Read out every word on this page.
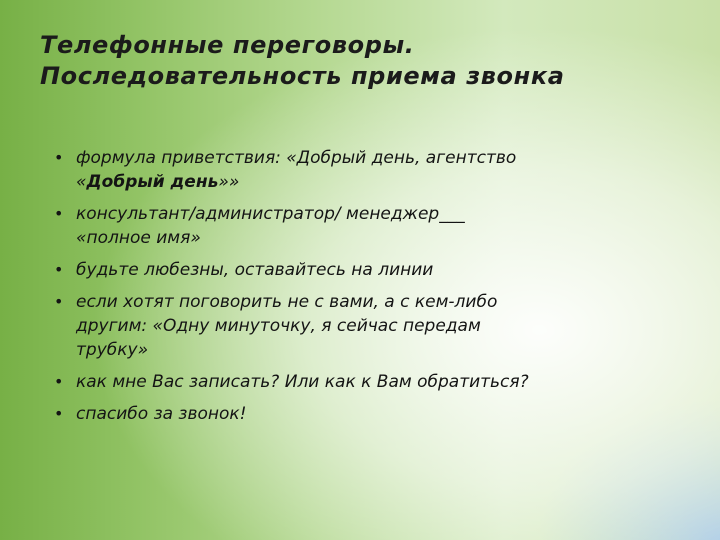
Телефонные переговоры.
Последовательность приема звонка
• формула приветствия: «Добрый день, агентство
«Добрый день»»
• консультант/администратор/ менеджер___
«полное имя»
• будьте любезны, оставайтесь на линии
• если хотят поговорить не с вами, а с кем-либо
другим: «Одну минуточку, я сейчас передам
трубку»
• как мне Вас записать? Или как к Вам обратиться?
• спасибо за звонок!
